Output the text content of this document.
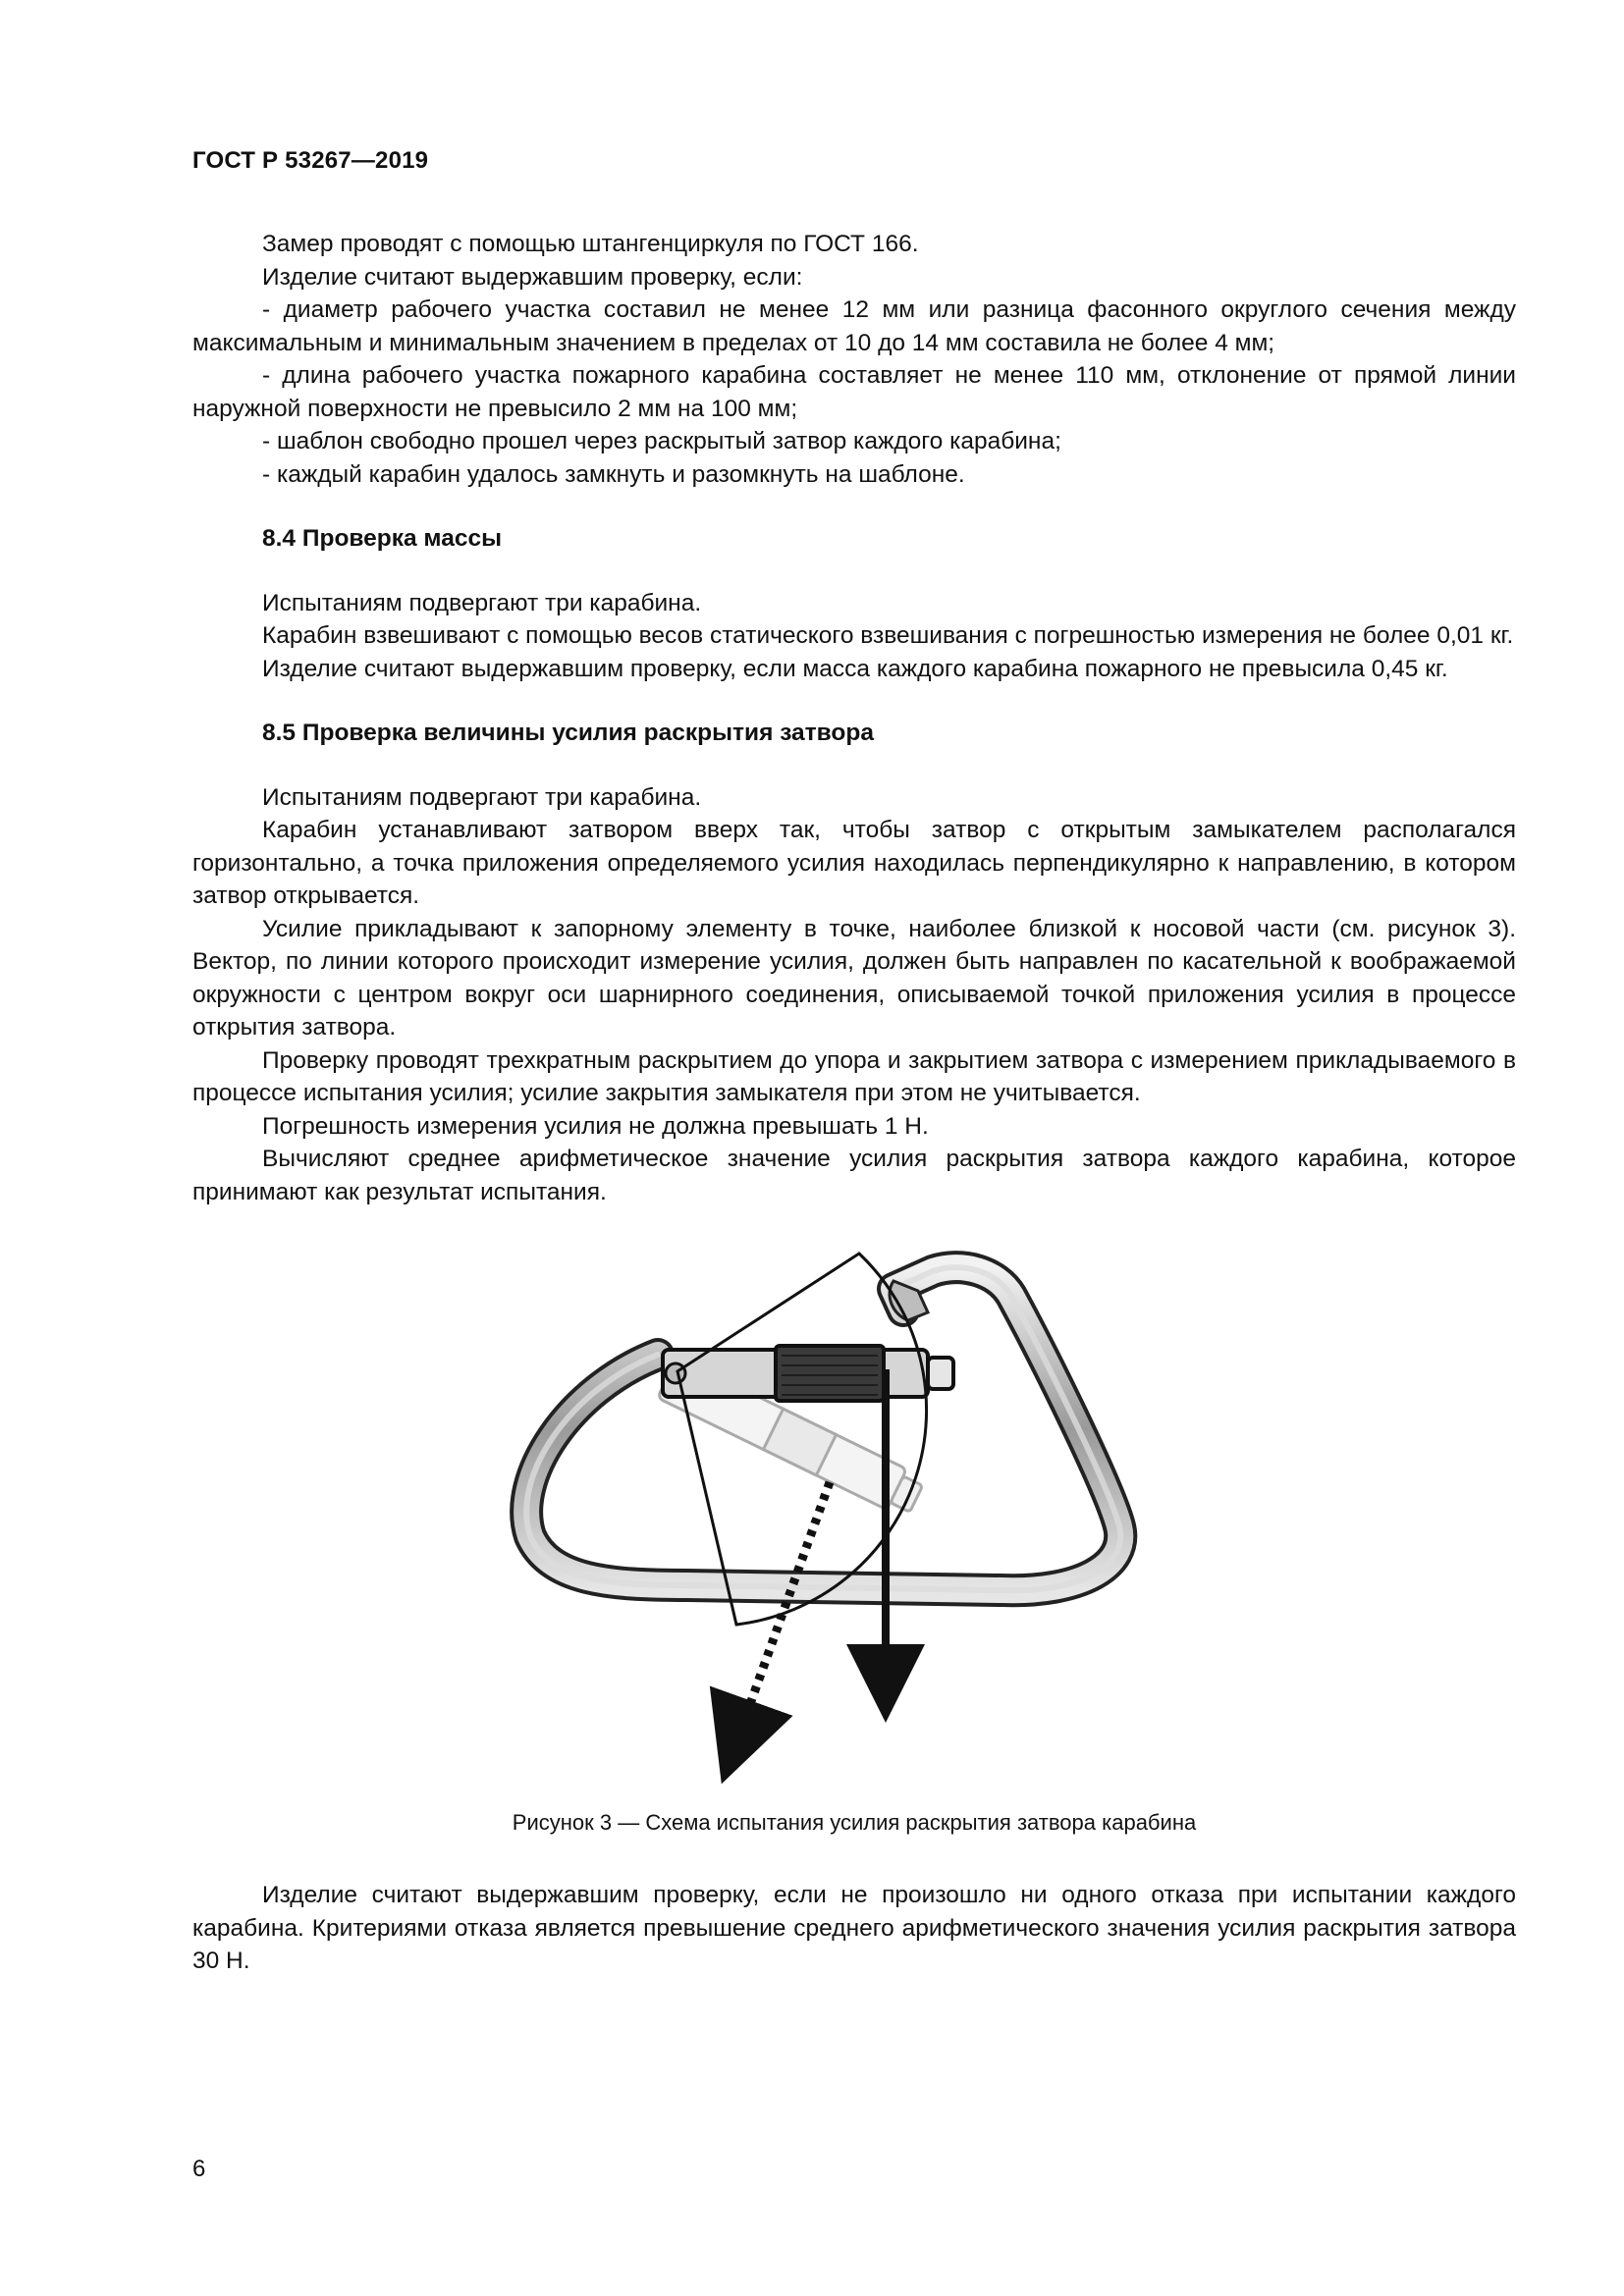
ГОСТ Р 53267—2019

Замер проводят с помощью штангенциркуля по ГОСТ 166.

Изделие считают выдержавшим проверку, если:

- диаметр рабочего участка составил не менее 12 мм или разница фасонного округлого сечения между максимальным и минимальным значением в пределах от 10 до 14 мм составила не более 4 мм;

- длина рабочего участка пожарного карабина составляет не менее 110 мм, отклонение от прямой линии наружной поверхности не превысило 2 мм на 100 мм;

- шаблон свободно прошел через раскрытый затвор каждого карабина;

- каждый карабин удалось замкнуть и разомкнуть на шаблоне.

8.4 Проверка массы

Испытаниям подвергают три карабина.

Карабин взвешивают с помощью весов статического взвешивания с погрешностью измерения не более 0,01 кг.

Изделие считают выдержавшим проверку, если масса каждого карабина пожарного не превысила 0,45 кг.

8.5 Проверка величины усилия раскрытия затвора

Испытаниям подвергают три карабина.

Карабин устанавливают затвором вверх так, чтобы затвор с открытым замыкателем располагался горизонтально, а точка приложения определяемого усилия находилась перпендикулярно к направлению, в котором затвор открывается.

Усилие прикладывают к запорному элементу в точке, наиболее близкой к носовой части (см. рисунок 3). Вектор, по линии которого происходит измерение усилия, должен быть направлен по касательной к воображаемой окружности с центром вокруг оси шарнирного соединения, описываемой точкой приложения усилия в процессе открытия затвора.

Проверку проводят трехкратным раскрытием до упора и закрытием затвора с измерением прикладываемого в процессе испытания усилия; усилие закрытия замыкателя при этом не учитывается.

Погрешность измерения усилия не должна превышать 1 Н.

Вычисляют среднее арифметическое значение усилия раскрытия затвора каждого карабина, которое принимают как результат испытания.

Рисунок 3 — Схема испытания усилия раскрытия затвора карабина

Изделие считают выдержавшим проверку, если не произошло ни одного отказа при испытании каждого карабина. Критериями отказа является превышение среднего арифметического значения усилия раскрытия затвора 30 Н.

6
